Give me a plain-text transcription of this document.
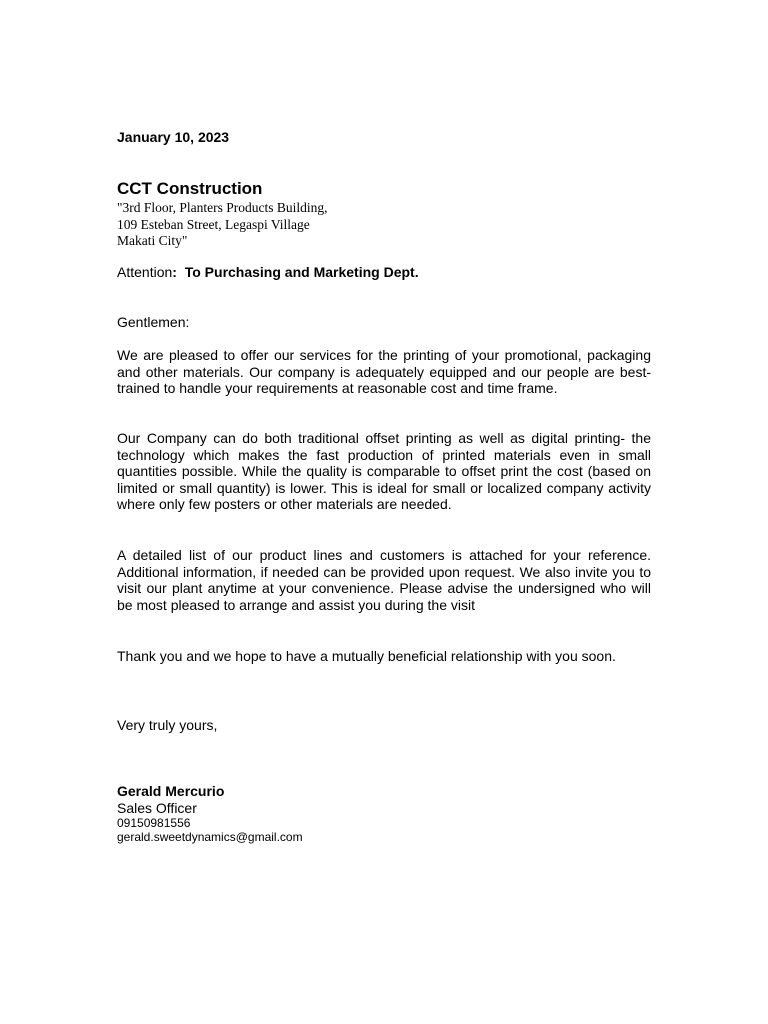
January 10, 2023
CCT Construction
"3rd Floor, Planters Products Building,
109 Esteban Street, Legaspi Village
Makati City"
Attention: To Purchasing and Marketing Dept.
Gentlemen:

We are pleased to offer our services for the printing of your promotional, packaging and other materials. Our company is adequately equipped and our people are best-trained to handle your requirements at reasonable cost and time frame.

Our Company can do both traditional offset printing as well as digital printing- the technology which makes the fast production of printed materials even in small quantities possible. While the quality is comparable to offset print the cost (based on limited or small quantity) is lower. This is ideal for small or localized company activity where only few posters or other materials are needed.

A detailed list of our product lines and customers is attached for your reference. Additional information, if needed can be provided upon request. We also invite you to visit our plant anytime at your convenience. Please advise the undersigned who will be most pleased to arrange and assist you during the visit

Thank you and we hope to have a mutually beneficial relationship with you soon.

Very truly yours,
Gerald Mercurio
Sales Officer
09150981556
gerald.sweetdynamics@gmail.com
